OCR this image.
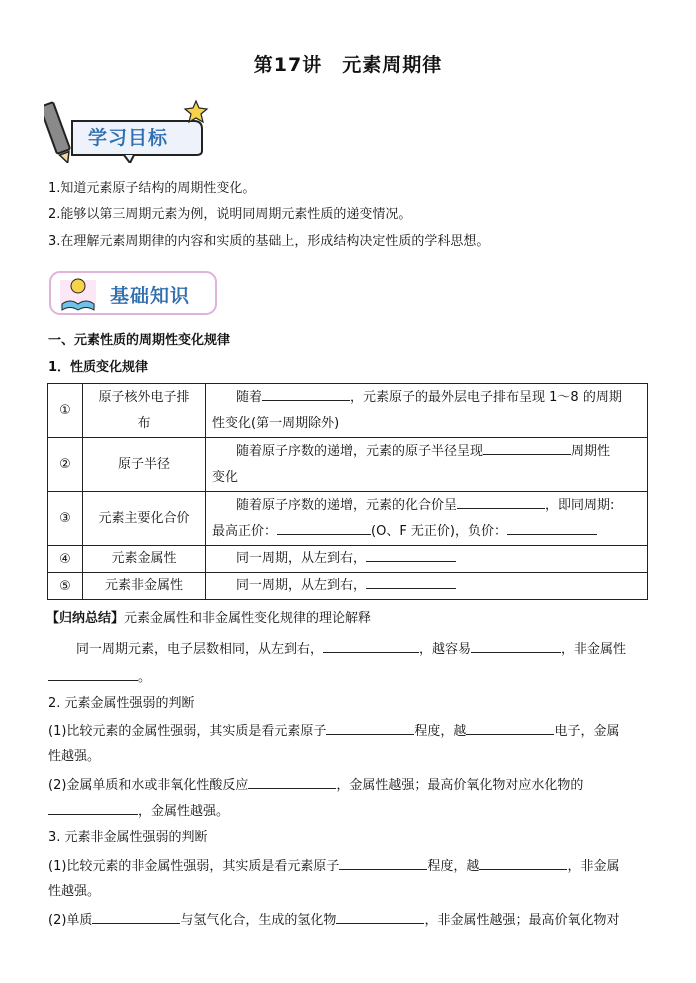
第17讲　元素周期律
学习目标
1.知道元素原子结构的周期性变化。
2.能够以第三周期元素为例，说明同周期元素性质的递变情况。
3.在理解元素周期律的内容和实质的基础上，形成结构决定性质的学科思想。
基础知识
一、元素性质的周期性变化规律
1．性质变化规律
①	原子核外电子排
布	随着 ，元素原子的最外层电子排布呈现 1～8 的周期
性变化(第一周期除外)
②	原子半径	随着原子序数的递增，元素的原子半径呈现 周期性
变化
③	元素主要化合价	随着原子序数的递增，元素的化合价呈 ，即同周期:
最高正价： (O、F 无正价)，负价：
④	元素金属性	同一周期，从左到右，
⑤	元素非金属性	同一周期，从左到右，
【归纳总结】元素金属性和非金属性变化规律的理论解释
同一周期元素，电子层数相同，从左到右，	，越容易	，非金属性
。
2. 元素金属性强弱的判断
(1)比较元素的金属性强弱，其实质是看元素原子	程度，越	电子，金属
性越强。
(2)金属单质和水或非氧化性酸反应	，金属性越强；最高价氧化物对应水化物的
，金属性越强。
3. 元素非金属性强弱的判断
(1)比较元素的非金属性强弱，其实质是看元素原子	程度，越	，非金属
性越强。
(2)单质	与氢气化合，生成的氢化物	，非金属性越强；最高价氧化物对
